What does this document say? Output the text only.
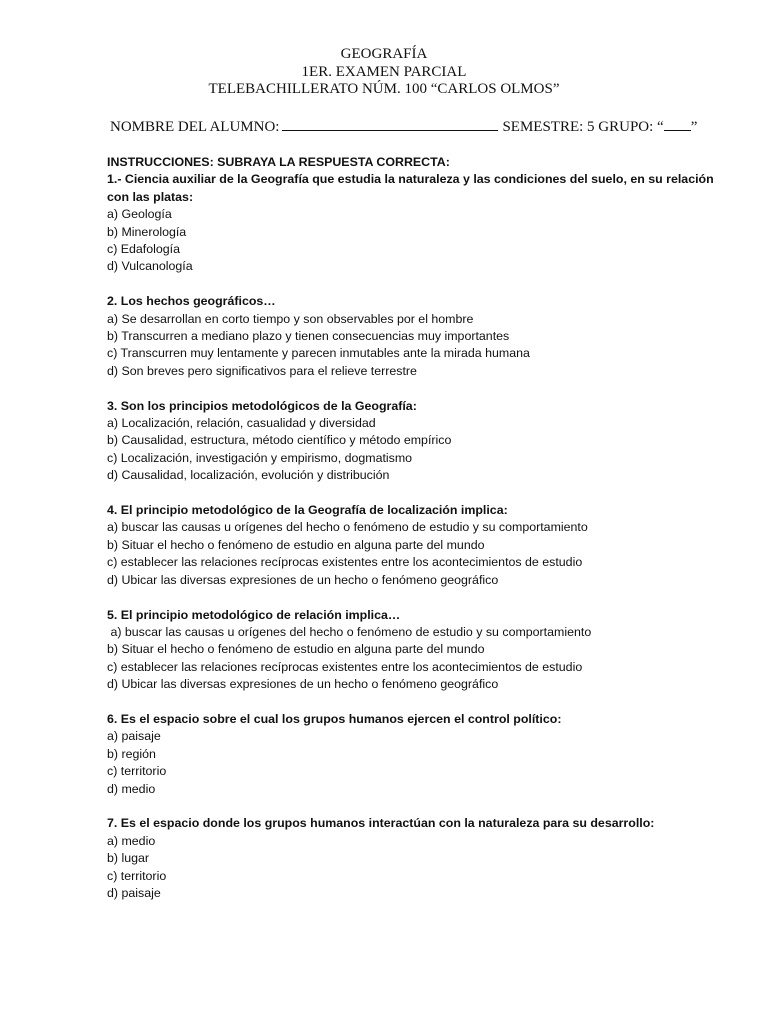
GEOGRAFÍA
1ER. EXAMEN PARCIAL
TELEBACHILLERATO NÚM. 100 “CARLOS OLMOS”
NOMBRE DEL ALUMNO:	SEMESTRE: 5 GRUPO: “ ”
INSTRUCCIONES: SUBRAYA LA RESPUESTA CORRECTA:
1.- Ciencia auxiliar de la Geografía que estudia la naturaleza y las condiciones del suelo, en su relación con las platas:
a) Geología
b) Minerología
c) Edafología
d) Vulcanología
2. Los hechos geográficos…
a) Se desarrollan en corto tiempo y son observables por el hombre
b) Transcurren a mediano plazo y tienen consecuencias muy importantes
c) Transcurren muy lentamente y parecen inmutables ante la mirada humana
d) Son breves pero significativos para el relieve terrestre
3. Son los principios metodológicos de la Geografía:
a) Localización, relación, casualidad y diversidad
b) Causalidad, estructura, método científico y método empírico
c) Localización, investigación y empirismo, dogmatismo
d) Causalidad, localización, evolución y distribución
4. El principio metodológico de la Geografía de localización implica:
a) buscar las causas u orígenes del hecho o fenómeno de estudio y su comportamiento
b) Situar el hecho o fenómeno de estudio en alguna parte del mundo
c) establecer las relaciones recíprocas existentes entre los acontecimientos de estudio
d) Ubicar las diversas expresiones de un hecho o fenómeno geográfico
5. El principio metodológico de relación implica…
a) buscar las causas u orígenes del hecho o fenómeno de estudio y su comportamiento
b) Situar el hecho o fenómeno de estudio en alguna parte del mundo
c) establecer las relaciones recíprocas existentes entre los acontecimientos de estudio
d) Ubicar las diversas expresiones de un hecho o fenómeno geográfico
6. Es el espacio sobre el cual los grupos humanos ejercen el control político:
a) paisaje
b) región
c) territorio
d) medio
7. Es el espacio donde los grupos humanos interactúan con la naturaleza para su desarrollo:
a) medio
b) lugar
c) territorio
d) paisaje
